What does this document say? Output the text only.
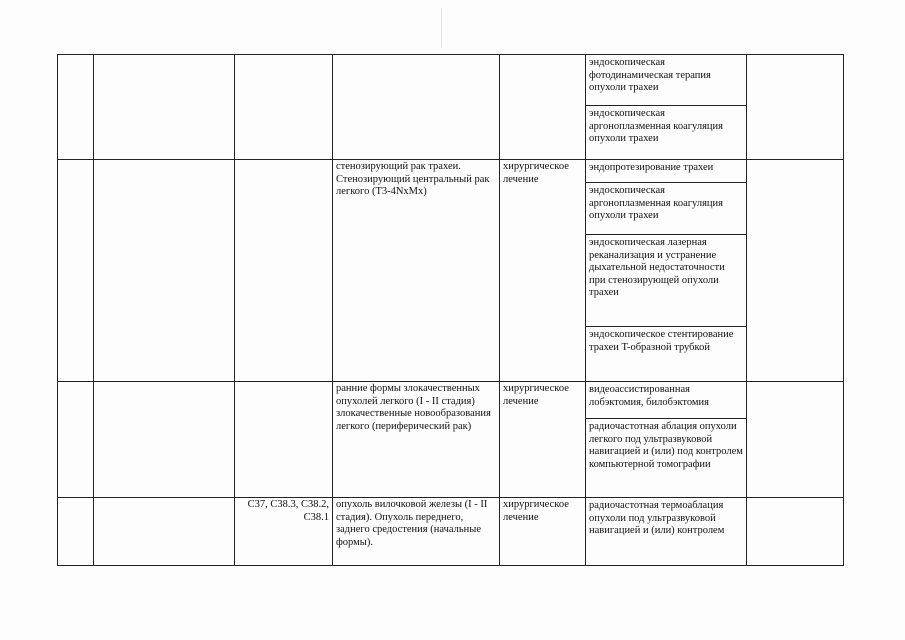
					эндоскопическая фотодинамическая терапия опухоли трахеи
эндоскопическая аргоноплазменная коагуляция опухоли трахеи	

			стенозирующий рак трахеи. Стенозирующий центральный рак легкого (T3-4NxMx)	хирургическое лечение	эндопротезирование трахеи
эндоскопическая аргоноплазменная коагуляция опухоли трахеи
эндоскопическая лазерная реканализация и устранение дыхательной недостаточности при стенозирующей опухоли трахеи
эндоскопическое стентирование трахеи T-образной трубкой	

			ранние формы злокачественных опухолей легкого (I - II стадия) злокачественные новообразования легкого (периферический рак)	хирургическое лечение	видеоассистированная лобэктомия, билобэктомия
радиочастотная аблация опухоли легкого под ультразвуковой навигацией и (или) под контролем компьютерной томографии	

		C37, C38.3, C38.2, C38.1	опухоль вилочковой железы (I - II стадия). Опухоль переднего, заднего средостения (начальные формы).	хирургическое лечение	радиочастотная термоаблация опухоли под ультразвуковой навигацией и (или) контролем	
